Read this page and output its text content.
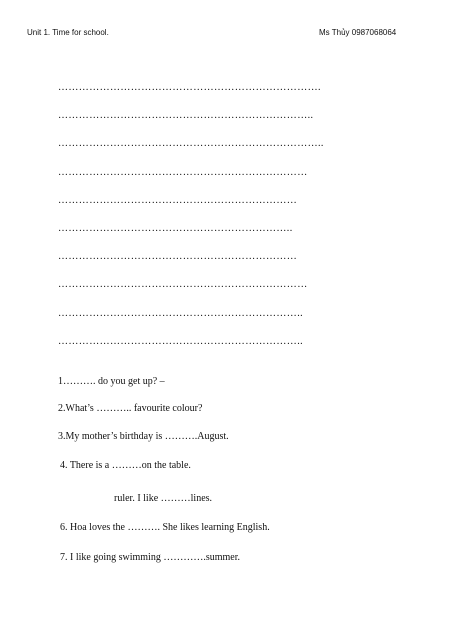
Unit 1. Time for school.	Ms Thủy 0987068064
………………………………………………………………….
………………………………………………………………..
…………………………………………………………………..
………………………………………………………………
……………………………………………………………
…………………………………………………………..
……………………………………………………………
………………………………………………………………
……………………………………………………………..
……………………………………………………………..
1………. do you get up? –
2.What’s ……….. favourite colour?
3.My mother’s birthday is ……….August.
4. There is a ………on the table.
ruler. I like ………lines.
6. Hoa loves the ………. She likes learning English.
7. I like going swimming ………….summer.
